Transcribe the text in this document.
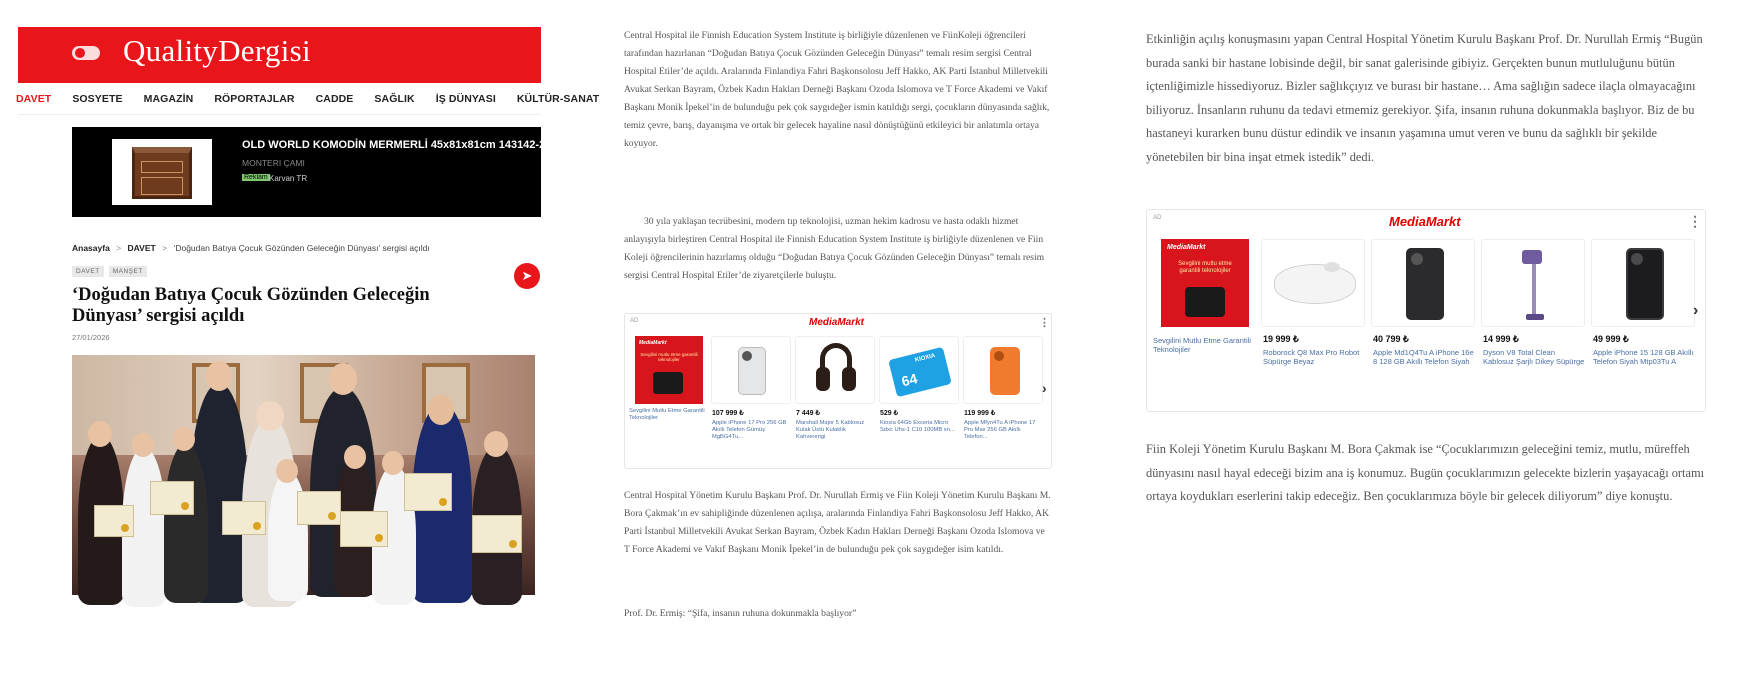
QualityDergisi
DAVET SOSYETE MAGAZİN RÖPORTAJLAR CADDE SAĞLIK İŞ DÜNYASI KÜLTÜR-SANAT
OLD WORLD KOMODİN MERMERLİ 45x81x81cm 143142-2
MONTERI ÇAMI
Reklam Karvan TR
Anasayfa > DAVET > ‘Doğudan Batıya Çocuk Gözünden Geleceğin Dünyası’ sergisi açıldı
DAVET	MANŞET	➤
‘Doğudan Batıya Çocuk Gözünden Geleceğin Dünyası’ sergisi açıldı
27/01/2026

Central Hospital ile Finnish Education System Institute iş birliğiyle düzenlenen ve FiinKoleji öğrencileri tarafından hazırlanan “Doğudan Batıya Çocuk Gözünden Geleceğin Dünyası” temalı resim sergisi Central Hospital Etiler’de açıldı. Aralarında Finlandiya Fahri Başkonsolosu Jeff Hakko, AK Parti İstanbul Milletvekili Avukat Serkan Bayram, Özbek Kadın Hakları Derneği Başkanı Ozoda Islomova ve T Force Akademi ve Vakıf Başkanı Monik İpekel’in de bulunduğu pek çok saygıdeğer ismin katıldığı sergi, çocukların dünyasında sağlık, temiz çevre, barış, dayanışma ve ortak bir gelecek hayaline nasıl dönüştüğünü etkileyici bir anlatımla ortaya koyuyor.

30 yıla yaklaşan tecrübesini, modern tıp teknolojisi, uzman hekim kadrosu ve hasta odaklı hizmet anlayışıyla birleştiren Central Hospital ile Finnish Education System Institute iş birliğiyle düzenlenen ve Fiin Koleji öğrencilerinin hazırlamış olduğu “Doğudan Batıya Çocuk Gözünden Geleceğin Dünyası” temalı resim sergisi Central Hospital Etiler’de ziyaretçilerle buluştu.

AD	MediaMarkt	⋮
MediaMarkt
Sevgilini mutlu etme garantili teknolojiler
Sevgilini Mutlu Etme Garantili Teknolojiler
107 999 ₺
Apple iPhone 17 Pro 256 GB Akıllı Telefon Gümüş MgBG4Tu...
7 449 ₺
Marshall Major 5 Kablosuz Kulak Üstü Kulaklık Kahverengi
KIOXIA
64
529 ₺
Kioxia 64Gb Exceria Micro Sdxc Uhs-1 C10 100MB sn...
119 999 ₺
Apple Mfyn4Tu A iPhone 17 Pro Max 256 GB Akıllı Telefon...
›

Central Hospital Yönetim Kurulu Başkanı Prof. Dr. Nurullah Ermiş ve Fiin Koleji Yönetim Kurulu Başkanı M. Bora Çakmak’ın ev sahipliğinde düzenlenen açılışa, aralarında Finlandiya Fahri Başkonsolosu Jeff Hakko, AK Parti İstanbul Milletvekili Avukat Serkan Bayram, Özbek Kadın Hakları Derneği Başkanı Ozoda Islomova ve T Force Akademi ve Vakıf Başkanı Monik İpekel’in de bulunduğu pek çok saygıdeğer isim katıldı.

Prof. Dr. Ermiş: “Şifa, insanın ruhuna dokunmakla başlıyor”

Etkinliğin açılış konuşmasını yapan Central Hospital Yönetim Kurulu Başkanı Prof. Dr. Nurullah Ermiş “Bugün burada sanki bir hastane lobisinde değil, bir sanat galerisinde gibiyiz. Gerçekten bunun mutluluğunu bütün içtenliğimizle hissediyoruz. Bizler sağlıkçıyız ve burası bir hastane… Ama sağlığın sadece ilaçla olmayacağını biliyoruz. İnsanların ruhunu da tedavi etmemiz gerekiyor. Şifa, insanın ruhuna dokunmakla başlıyor. Biz de bu hastaneyi kurarken bunu düstur edindik ve insanın yaşamına umut veren ve bunu da sağlıklı bir şekilde yönetebilen bir bina inşat etmek istedik” dedi.

AD	MediaMarkt	⋮
MediaMarkt
Sevgilini mutlu etme garantili teknolojiler
Sevgilini Mutlu Etme Garantili Teknolojiler
19 999 ₺
Roborock Q8 Max Pro Robot Süpürge Beyaz
40 799 ₺
Apple Md1Q4Tu A iPhone 16e 8 128 GB Akıllı Telefon Siyah
14 999 ₺
Dyson V8 Total Clean Kablosuz Şarjlı Dikey Süpürge
49 999 ₺
Apple iPhone 15 128 GB Akıllı Telefon Siyah Mtp03Tu A
›

Fiin Koleji Yönetim Kurulu Başkanı M. Bora Çakmak ise “Çocuklarımızın geleceğini temiz, mutlu, müreffeh dünyasını nasıl hayal edeceği bizim ana iş konumuz. Bugün çocuklarımızın gelecekte bizlerin yaşayacağı ortamı ortaya koydukları eserlerini takip edeceğiz. Ben çocuklarımıza böyle bir gelecek diliyorum” diye konuştu.
